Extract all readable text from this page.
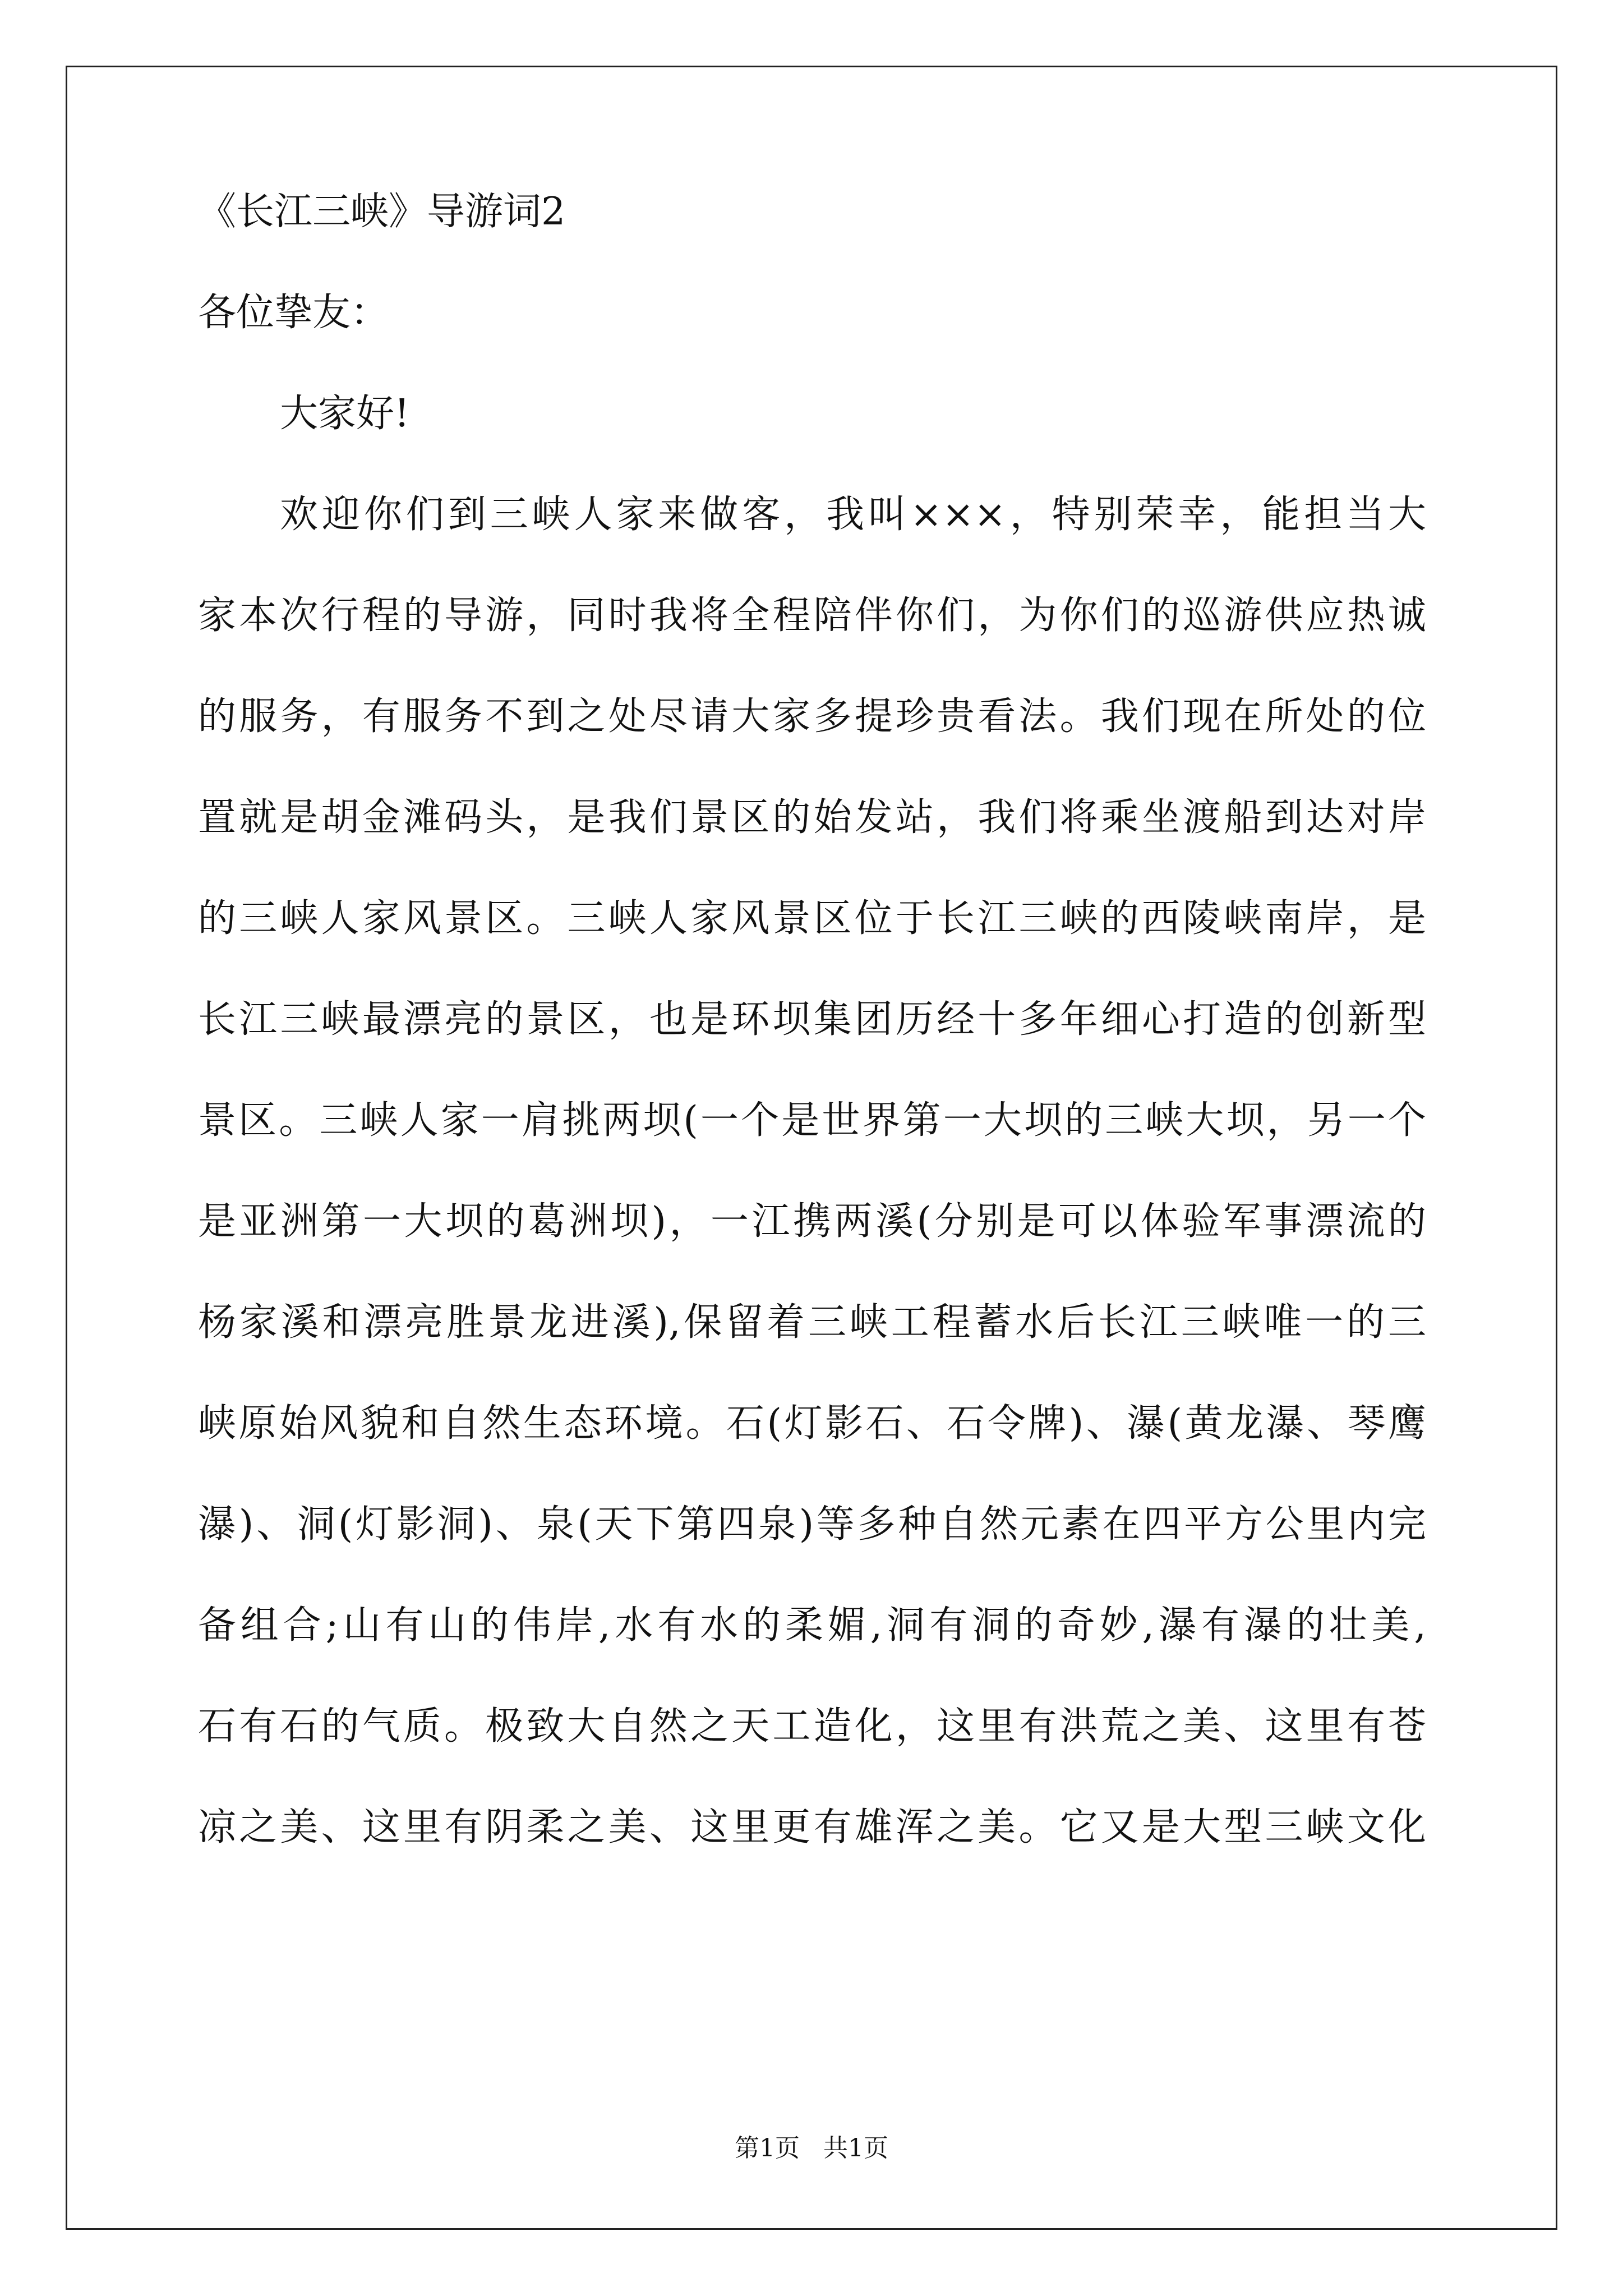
《长江三峡》导游词2
各位挚友：
大家好!
欢迎你们到三峡人家来做客，我叫×××，特别荣幸，能担当大
家本次行程的导游，同时我将全程陪伴你们，为你们的巡游供应热诚
的服务，有服务不到之处尽请大家多提珍贵看法。我们现在所处的位
置就是胡金滩码头，是我们景区的始发站，我们将乘坐渡船到达对岸
的三峡人家风景区。三峡人家风景区位于长江三峡的西陵峡南岸，是
长江三峡最漂亮的景区，也是环坝集团历经十多年细心打造的创新型
景区。三峡人家一肩挑两坝(一个是世界第一大坝的三峡大坝，另一个
是亚洲第一大坝的葛洲坝)，一江携两溪(分别是可以体验军事漂流的
杨家溪和漂亮胜景龙进溪),保留着三峡工程蓄水后长江三峡唯一的三
峡原始风貌和自然生态环境。石(灯影石、石令牌)、瀑(黄龙瀑、琴鹰
瀑)、洞(灯影洞)、泉(天下第四泉)等多种自然元素在四平方公里内完
备组合;山有山的伟岸,水有水的柔媚,洞有洞的奇妙,瀑有瀑的壮美,
石有石的气质。极致大自然之天工造化，这里有洪荒之美、这里有苍
凉之美、这里有阴柔之美、这里更有雄浑之美。它又是大型三峡文化
第1页   共1页
